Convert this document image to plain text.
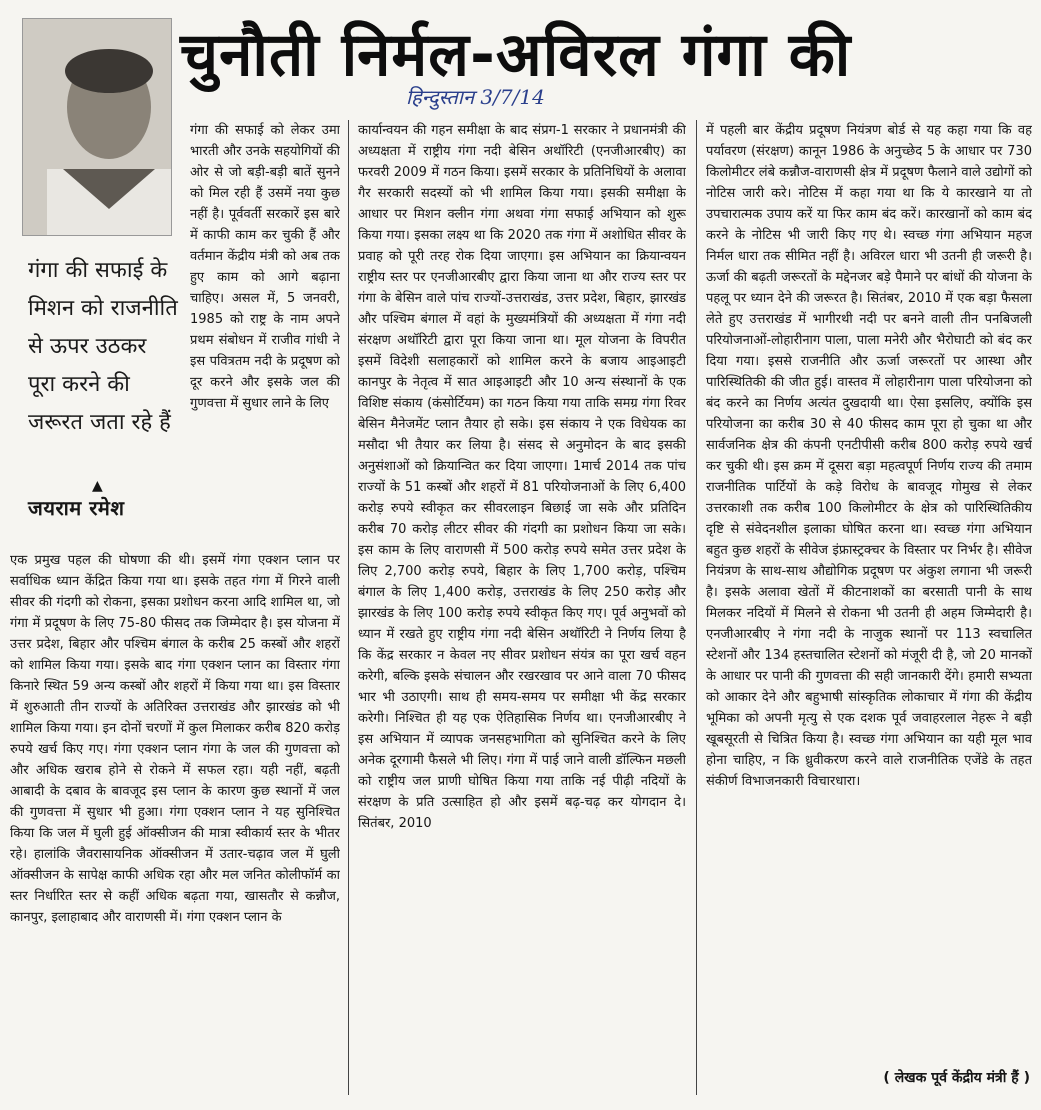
चुनौती निर्मल-अविरल गंगा की
हिन्दुस्तान 3/7/14
गंगा की सफाई के मिशन को राजनीति से ऊपर उठकर पूरा करने की जरूरत जता रहे हैं
▲
जयराम रमेश
गंगा की सफाई को लेकर उमा भारती और उनके सहयोगियों की ओर से जो बड़ी-बड़ी बातें सुनने को मिल रही हैं उसमें नया कुछ नहीं है। पूर्ववर्ती सरकारें इस बारे में काफी काम कर चुकी हैं और वर्तमान केंद्रीय मंत्री को अब तक हुए काम को आगे बढ़ाना चाहिए। असल में, 5 जनवरी, 1985 को राष्ट्र के नाम अपने प्रथम संबोधन में राजीव गांधी ने इस पवित्रतम नदी के प्रदूषण को दूर करने और इसके जल की गुणवत्ता में सुधार लाने के लिए
एक प्रमुख पहल की घोषणा की थी। इसमें गंगा एक्शन प्लान पर सर्वाधिक ध्यान केंद्रित किया गया था। इसके तहत गंगा में गिरने वाली सीवर की गंदगी को रोकना, इसका प्रशोधन करना आदि शामिल था, जो गंगा में प्रदूषण के लिए 75-80 फीसद तक जिम्मेदार है। इस योजना में उत्तर प्रदेश, बिहार और पश्चिम बंगाल के करीब 25 कस्बों और शहरों को शामिल किया गया। इसके बाद गंगा एक्शन प्लान का विस्तार गंगा किनारे स्थित 59 अन्य कस्बों और शहरों में किया गया था। इस विस्तार में शुरुआती तीन राज्यों के अतिरिक्त उत्तराखंड और झारखंड को भी शामिल किया गया। इन दोनों चरणों में कुल मिलाकर करीब 820 करोड़ रुपये खर्च किए गए। गंगा एक्शन प्लान गंगा के जल की गुणवत्ता को और अधिक खराब होने से रोकने में सफल रहा। यही नहीं, बढ़ती आबादी के दबाव के बावजूद इस प्लान के कारण कुछ स्थानों में जल की गुणवत्ता में सुधार भी हुआ। गंगा एक्शन प्लान ने यह सुनिश्चित किया कि जल में घुली हुई ऑक्सीजन की मात्रा स्वीकार्य स्तर के भीतर रहे। हालांकि जैवरासायनिक ऑक्सीजन में उतार-चढ़ाव जल में घुली ऑक्सीजन के सापेक्ष काफी अधिक रहा और मल जनित कोलीफॉर्म का स्तर निर्धारित स्तर से कहीं अधिक बढ़ता गया, खासतौर से कन्नौज, कानपुर, इलाहाबाद और वाराणसी में। गंगा एक्शन प्लान के
कार्यान्वयन की गहन समीक्षा के बाद संप्रग-1 सरकार ने प्रधानमंत्री की अध्यक्षता में राष्ट्रीय गंगा नदी बेसिन अथॉरिटी (एनजीआरबीए) का फरवरी 2009 में गठन किया। इसमें सरकार के प्रतिनिधियों के अलावा गैर सरकारी सदस्यों को भी शामिल किया गया। इसकी समीक्षा के आधार पर मिशन क्लीन गंगा अथवा गंगा सफाई अभियान को शुरू किया गया। इसका लक्ष्य था कि 2020 तक गंगा में अशोधित सीवर के प्रवाह को पूरी तरह रोक दिया जाएगा। इस अभियान का क्रियान्वयन राष्ट्रीय स्तर पर एनजीआरबीए द्वारा किया जाना था और राज्य स्तर पर गंगा के बेसिन वाले पांच राज्यों-उत्तराखंड, उत्तर प्रदेश, बिहार, झारखंड और पश्चिम बंगाल में वहां के मुख्यमंत्रियों की अध्यक्षता में गंगा नदी संरक्षण अथॉरिटी द्वारा पूरा किया जाना था। मूल योजना के विपरीत इसमें विदेशी सलाहकारों को शामिल करने के बजाय आइआइटी कानपुर के नेतृत्व में सात आइआइटी और 10 अन्य संस्थानों के एक विशिष्ट संकाय (कंसोर्टियम) का गठन किया गया ताकि समग्र गंगा रिवर बेसिन मैनेजमेंट प्लान तैयार हो सके। इस संकाय ने एक विधेयक का मसौदा भी तैयार कर लिया है। संसद से अनुमोदन के बाद इसकी अनुसंशाओं को क्रियान्वित कर दिया जाएगा। 1मार्च 2014 तक पांच राज्यों के 51 कस्बों और शहरों में 81 परियोजनाओं के लिए 6,400 करोड़ रुपये स्वीकृत कर सीवरलाइन बिछाई जा सके और प्रतिदिन करीब 70 करोड़ लीटर सीवर की गंदगी का प्रशोधन किया जा सके। इस काम के लिए वाराणसी में 500 करोड़ रुपये समेत उत्तर प्रदेश के लिए 2,700 करोड़ रुपये, बिहार के लिए 1,700 करोड़, पश्चिम बंगाल के लिए 1,400 करोड़, उत्तराखंड के लिए 250 करोड़ और झारखंड के लिए 100 करोड़ रुपये स्वीकृत किए गए। पूर्व अनुभवों को ध्यान में रखते हुए राष्ट्रीय गंगा नदी बेसिन अथॉरिटी ने निर्णय लिया है कि केंद्र सरकार न केवल नए सीवर प्रशोधन संयंत्र का पूरा खर्च वहन करेगी, बल्कि इसके संचालन और रखरखाव पर आने वाला 70 फीसद भार भी उठाएगी। साथ ही समय-समय पर समीक्षा भी केंद्र सरकार करेगी। निश्चित ही यह एक ऐतिहासिक निर्णय था। एनजीआरबीए ने इस अभियान में व्यापक जनसहभागिता को सुनिश्चित करने के लिए अनेक दूरगामी फैसले भी लिए। गंगा में पाई जाने वाली डॉल्फिन मछली को राष्ट्रीय जल प्राणी घोषित किया गया ताकि नई पीढ़ी नदियों के संरक्षण के प्रति उत्साहित हो और इसमें बढ़-चढ़ कर योगदान दे। सितंबर, 2010
में पहली बार केंद्रीय प्रदूषण नियंत्रण बोर्ड से यह कहा गया कि वह पर्यावरण (संरक्षण) कानून 1986 के अनुच्छेद 5 के आधार पर 730 किलोमीटर लंबे कन्नौज-वाराणसी क्षेत्र में प्रदूषण फैलाने वाले उद्योगों को नोटिस जारी करे। नोटिस में कहा गया था कि ये कारखाने या तो उपचारात्मक उपाय करें या फिर काम बंद करें। कारखानों को काम बंद करने के नोटिस भी जारी किए गए थे। स्वच्छ गंगा अभियान महज निर्मल धारा तक सीमित नहीं है। अविरल धारा भी उतनी ही जरूरी है। ऊर्जा की बढ़ती जरूरतों के मद्देनजर बड़े पैमाने पर बांधों की योजना के पहलू पर ध्यान देने की जरूरत है। सितंबर, 2010 में एक बड़ा फैसला लेते हुए उत्तराखंड में भागीरथी नदी पर बनने वाली तीन पनबिजली परियोजनाओं-लोहारीनाग पाला, पाला मनेरी और भैरोघाटी को बंद कर दिया गया। इससे राजनीति और ऊर्जा जरूरतों पर आस्था और पारिस्थितिकी की जीत हुई। वास्तव में लोहारीनाग पाला परियोजना को बंद करने का निर्णय अत्यंत दुखदायी था। ऐसा इसलिए, क्योंकि इस परियोजना का करीब 30 से 40 फीसद काम पूरा हो चुका था और सार्वजनिक क्षेत्र की कंपनी एनटीपीसी करीब 800 करोड़ रुपये खर्च कर चुकी थी। इस क्रम में दूसरा बड़ा महत्वपूर्ण निर्णय राज्य की तमाम राजनीतिक पार्टियों के कड़े विरोध के बावजूद गोमुख से लेकर उत्तरकाशी तक करीब 100 किलोमीटर के क्षेत्र को पारिस्थितिकीय दृष्टि से संवेदनशील इलाका घोषित करना था। स्वच्छ गंगा अभियान बहुत कुछ शहरों के सीवेज इंफ्रास्ट्रक्चर के विस्तार पर निर्भर है। सीवेज नियंत्रण के साथ-साथ औद्योगिक प्रदूषण पर अंकुश लगाना भी जरूरी है। इसके अलावा खेतों में कीटनाशकों का बरसाती पानी के साथ मिलकर नदियों में मिलने से रोकना भी उतनी ही अहम जिम्मेदारी है। एनजीआरबीए ने गंगा नदी के नाजुक स्थानों पर 113 स्वचालित स्टेशनों और 134 हस्तचालित स्टेशनों को मंजूरी दी है, जो 20 मानकों के आधार पर पानी की गुणवत्ता की सही जानकारी देंगे। हमारी सभ्यता को आकार देने और बहुभाषी सांस्कृतिक लोकाचार में गंगा की केंद्रीय भूमिका को अपनी मृत्यु से एक दशक पूर्व जवाहरलाल नेहरू ने बड़ी खूबसूरती से चित्रित किया है। स्वच्छ गंगा अभियान का यही मूल भाव होना चाहिए, न कि ध्रुवीकरण करने वाले राजनीतिक एजेंडे के तहत संकीर्ण विभाजनकारी विचारधारा।
( लेखक पूर्व केंद्रीय मंत्री हैं )
